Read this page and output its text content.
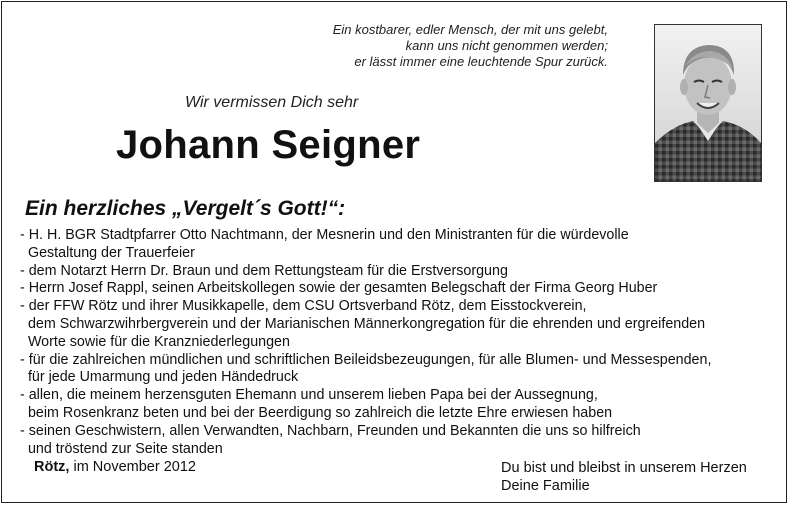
Ein kostbarer, edler Mensch, der mit uns gelebt,
kann uns nicht genommen werden;
er lässt immer eine leuchtende Spur zurück.
Wir vermissen Dich sehr
Johann Seigner
Ein herzliches „Vergelt´s Gott!“:
- H. H. BGR Stadtpfarrer Otto Nachtmann, der Mesnerin und den Ministranten für die würdevolle
Gestaltung der Trauerfeier
- dem Notarzt Herrn Dr. Braun und dem Rettungsteam für die Erstversorgung
- Herrn Josef Rappl, seinen Arbeitskollegen sowie der gesamten Belegschaft der Firma Georg Huber
- der FFW Rötz und ihrer Musikkapelle, dem CSU Ortsverband Rötz, dem Eisstockverein,
dem Schwarzwihrbergverein und der Marianischen Männerkongregation für die ehrenden und ergreifenden
Worte sowie für die Kranzniederlegungen
- für die zahlreichen mündlichen und schriftlichen Beileidsbezeugungen, für alle Blumen- und Messespenden,
für jede Umarmung und jeden Händedruck
- allen, die meinem herzensguten Ehemann und unserem lieben Papa bei der Aussegnung,
beim Rosenkranz beten und bei der Beerdigung so zahlreich die letzte Ehre erwiesen haben
- seinen Geschwistern, allen Verwandten, Nachbarn, Freunden und Bekannten die uns so hilfreich
und tröstend zur Seite standen
Rötz, im November 2012	Du bist und bleibst in unserem Herzen
Deine Familie
